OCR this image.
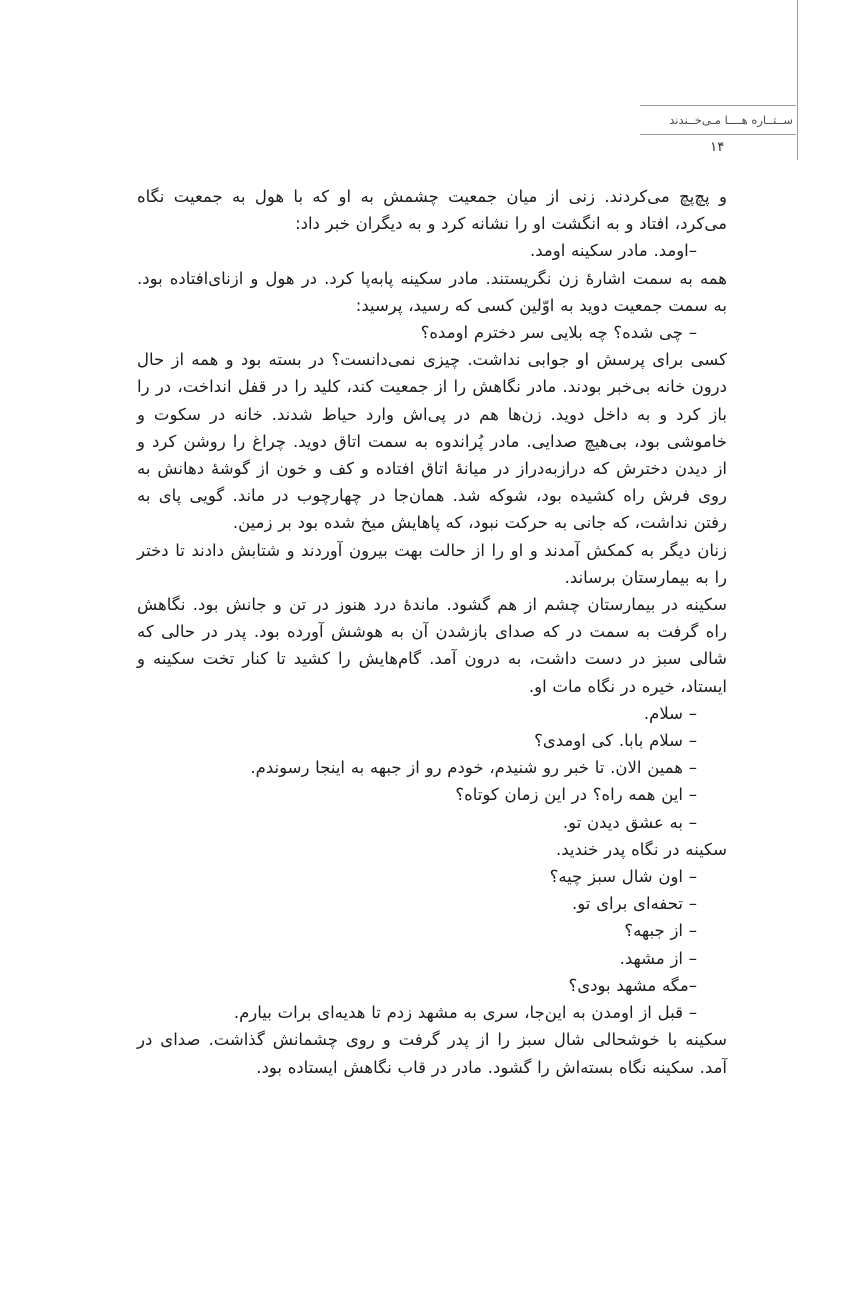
ســتــاره هــــا مـی‌خــندند
۱۴

و پچ‌پچ می‌کردند. زنی از میان جمعیت چشمش به او که با هول به جمعیت نگاه می‌کرد، افتاد و به انگشت او را نشانه کرد و به دیگران خبر داد:

–اومد. مادر سکینه اومد.

همه به سمت اشارهٔ زن نگریستند. مادر سکینه پابه‌پا کرد. در هول و ازنای‌افتاده بود. به سمت جمعیت دوید به اوّلین کسی که رسید، پرسید:

– چی شده؟ چه بلایی سر دخترم اومده؟

کسی برای پرسش او جوابی نداشت. چیزی نمی‌دانست؟ در بسته بود و همه از حال درون خانه بی‌خبر بودند. مادر نگاهش را از جمعیت کند، کلید را در قفل انداخت، در را باز کرد و به داخل دوید. زن‌ها هم در پی‌اش وارد حیاط شدند. خانه در سکوت و خاموشی بود، بی‌هیچ صدایی. مادر پُراندوه به سمت اتاق دوید. چراغ را روشن کرد و از دیدن دخترش که درازبه‌دراز در میانهٔ اتاق افتاده و کف و خون از گوشهٔ دهانش به روی فرش راه کشیده بود، شوکه شد. همان‌جا در چهارچوب در ماند. گویی پای به رفتن نداشت، که جانی به حرکت نبود، که پاهایش میخ شده بود بر زمین.

زنان دیگر به کمکش آمدند و او را از حالت بهت بیرون آوردند و شتابش دادند تا دختر را به بیمارستان برساند.

سکینه در بیمارستان چشم از هم گشود. ماندهٔ درد هنوز در تن و جانش بود. نگاهش راه گرفت به سمت در که صدای بازشدن آن به هوشش آورده بود. پدر در حالی که شالی سبز در دست داشت، به درون آمد. گام‌هایش را کشید تا کنار تخت سکینه و ایستاد، خیره در نگاه مات او.

– سلام.

– سلام بابا. کی اومدی؟

– همین الان. تا خبر رو شنیدم، خودم رو از جبهه به اینجا رسوندم.

– این همه راه؟ در این زمان کوتاه؟

– به عشق دیدن تو.

سکینه در نگاه پدر خندید.

– اون شال سبز چیه؟

– تحفه‌ای برای تو.

– از جبهه؟

– از مشهد.

–مگه مشهد بودی؟

– قبل از اومدن به این‌جا، سری به مشهد زدم تا هدیه‌ای برات بیارم.

سکینه با خوشحالی شال سبز را از پدر گرفت و روی چشمانش گذاشت. صدای در آمد. سکینه نگاه بسته‌اش را گشود. مادر در قاب نگاهش ایستاده بود.
